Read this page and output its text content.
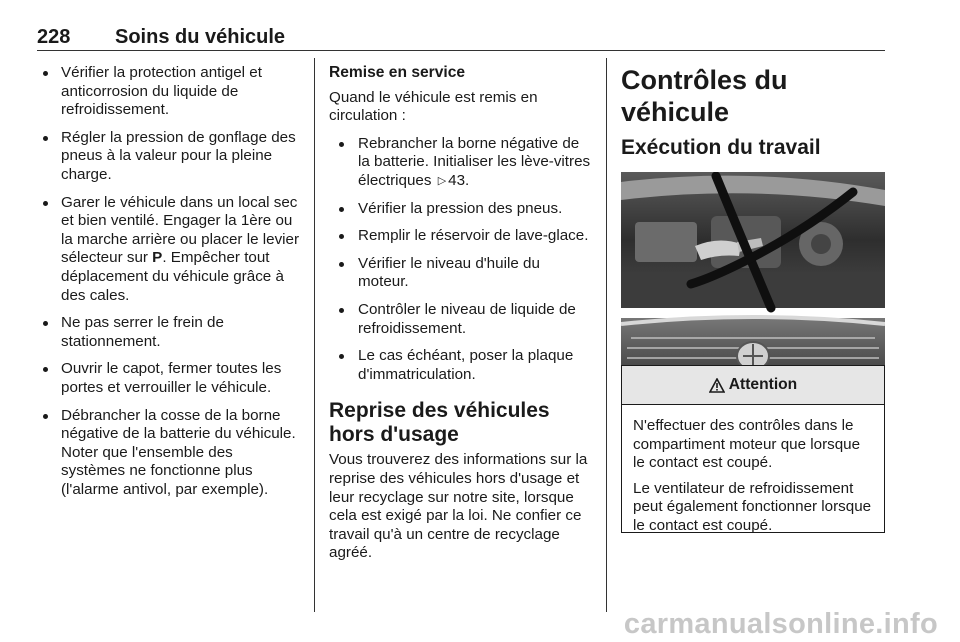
228 Soins du véhicule
Vérifier la protection antigel et anticorrosion du liquide de refroidissement.
Régler la pression de gonflage des pneus à la valeur pour la pleine charge.
Garer le véhicule dans un local sec et bien ventilé. Engager la 1ère ou la marche arrière ou placer le levier sélecteur sur P. Empêcher tout déplacement du véhicule grâce à des cales.
Ne pas serrer le frein de stationnement.
Ouvrir le capot, fermer toutes les portes et verrouiller le véhicule.
Débrancher la cosse de la borne négative de la batterie du véhicule. Noter que l'ensemble des systèmes ne fonctionne plus (l'alarme antivol, par exemple).
Remise en service

Quand le véhicule est remis en circulation :

Rebrancher la borne négative de la batterie. Initialiser les lève-vitres électriques ▷ 43.
Vérifier la pression des pneus.
Remplir le réservoir de lave-glace.
Vérifier le niveau d'huile du moteur.
Contrôler le niveau de liquide de refroidissement.
Le cas échéant, poser la plaque d'immatriculation.
Reprise des véhicules hors d'usage

Vous trouverez des informations sur la reprise des véhicules hors d'usage et leur recyclage sur notre site, lorsque cela est exigé par la loi. Ne confier ce travail qu'à un centre de recyclage agréé.

Contrôles du véhicule
Exécution du travail
Attention

N'effectuer des contrôles dans le compartiment moteur que lorsque le contact est coupé.

Le ventilateur de refroidissement peut également fonctionner lorsque le contact est coupé.

carmanualsonline.info
